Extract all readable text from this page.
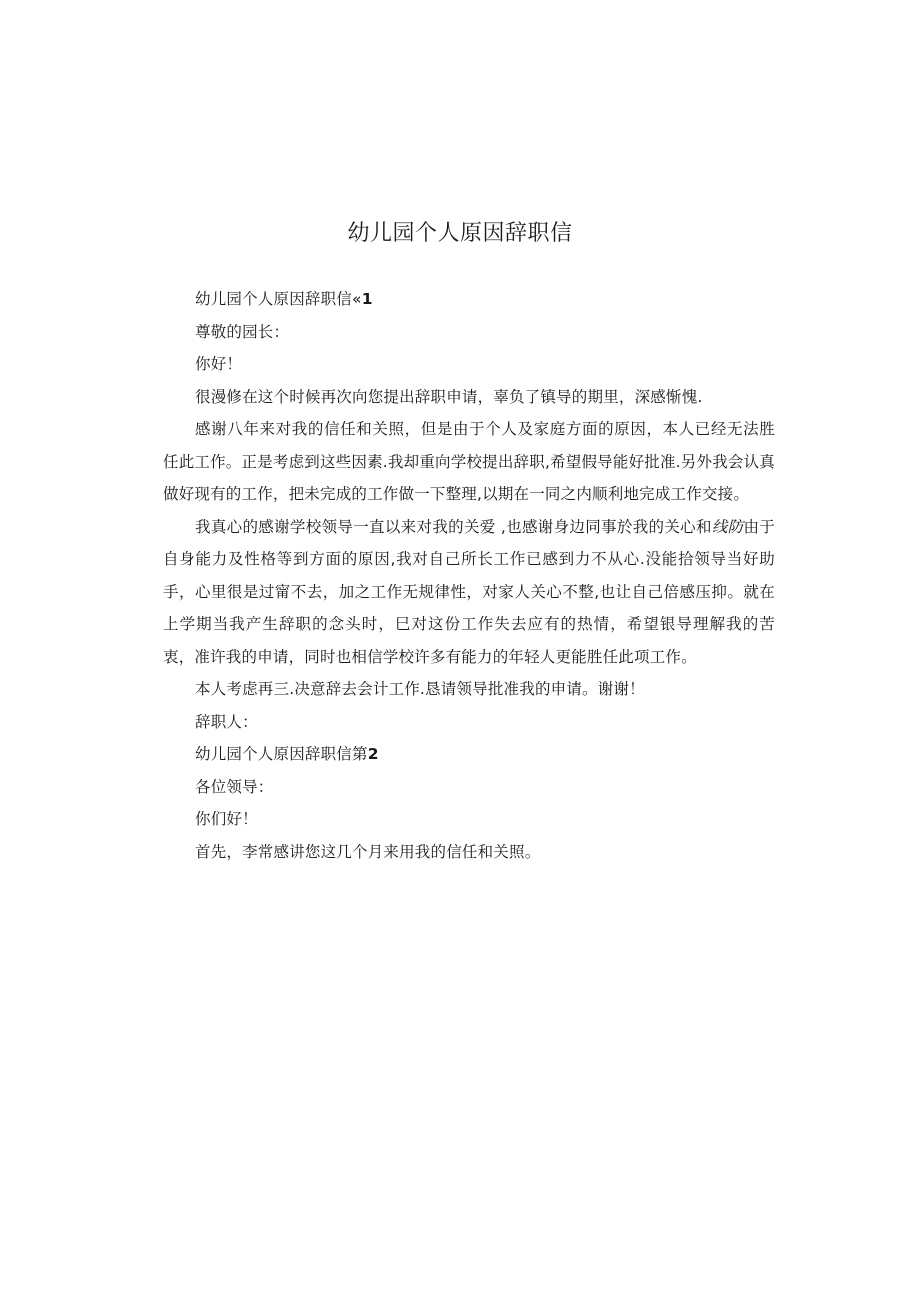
幼儿园个人原因辞职信

幼儿园个人原因辞职信«1

尊敬的园长：

你好！

很漫修在这个时候再次向您提出辞职申请，辜负了镇导的期里，深感惭愧.

感谢八年来对我的信任和关照，但是由于个人及家庭方面的原因，本人已经无法胜任此工作。正是考虑到这些因素.我却重向学校提出辞职,希望假导能好批准.另外我会认真做好现有的工作，把未完成的工作做一下整理,以期在一同之内顺利地完成工作交接。

我真心的感谢学校领导一直以来对我的关爱 ,也感谢身边同事於我的关心和线防由于自身能力及性格等到方面的原因,我对自己所长工作已感到力不从心.没能拾领导当好助手，心里很是过甯不去，加之工作无规律性，对家人关心不整,也让自己倍感压抑。就在上学期当我产生辞职的念头时，巳对这份工作失去应有的热情，希望银导理解我的苦衷，准许我的申请，同时也相信学校许多有能力的年轻人更能胜任此项工作。

本人考虑再三.决意辞去会计工作.恳请领导批准我的申请。谢谢！

辞职人：

幼儿园个人原因辞职信第2

各位领导：

你们好！

首先，李常感讲您这几个月来用我的信任和关照。
